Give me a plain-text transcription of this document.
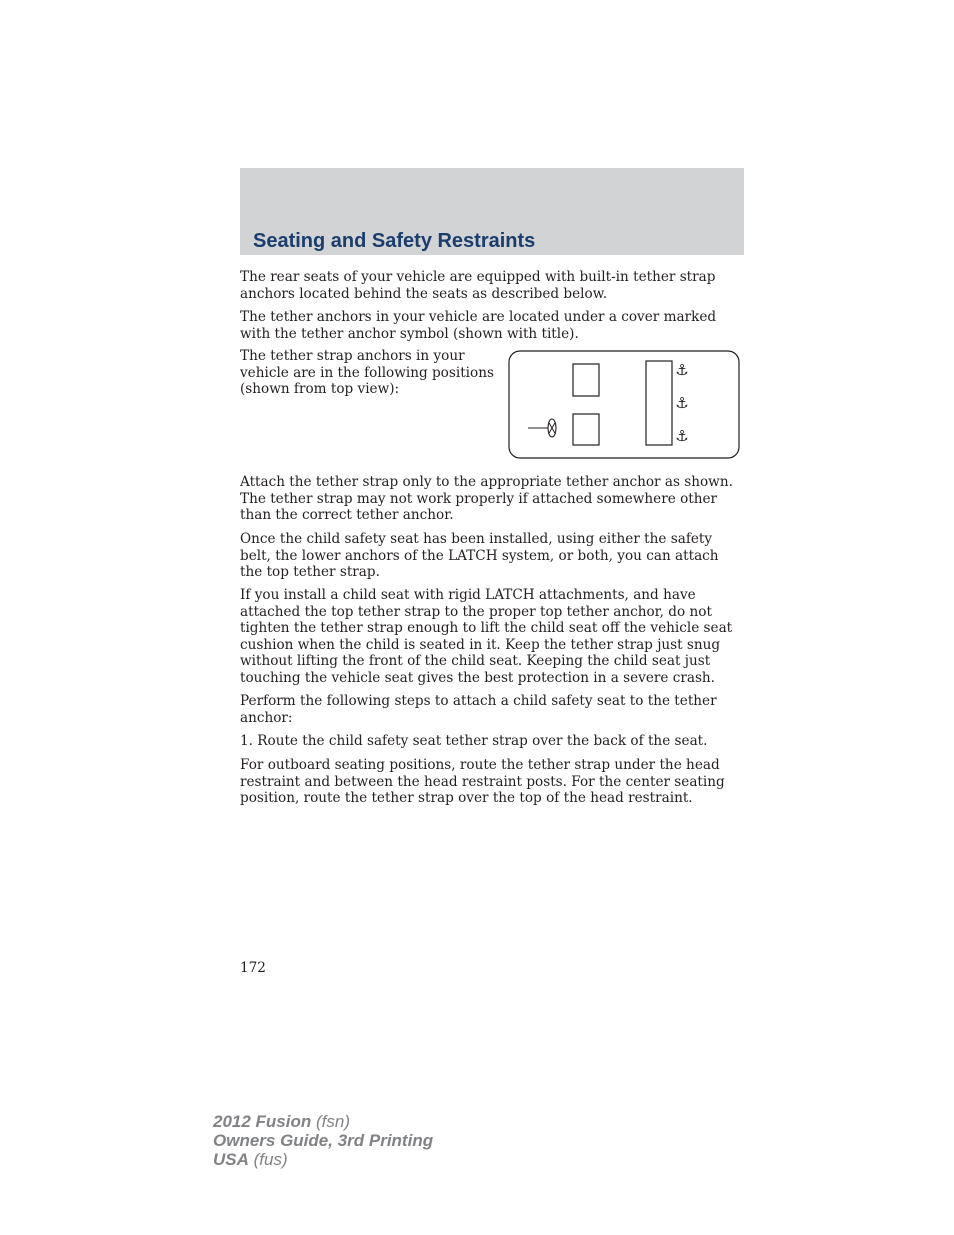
Seating and Safety Restraints

The rear seats of your vehicle are equipped with built-in tether strap anchors located behind the seats as described below.

The tether anchors in your vehicle are located under a cover marked with the tether anchor symbol (shown with title).

The tether strap anchors in your vehicle are in the following positions (shown from top view):

⚓
⚓
⚓

Attach the tether strap only to the appropriate tether anchor as shown. The tether strap may not work properly if attached somewhere other than the correct tether anchor.

Once the child safety seat has been installed, using either the safety belt, the lower anchors of the LATCH system, or both, you can attach the top tether strap.

If you install a child seat with rigid LATCH attachments, and have attached the top tether strap to the proper top tether anchor, do not tighten the tether strap enough to lift the child seat off the vehicle seat cushion when the child is seated in it. Keep the tether strap just snug without lifting the front of the child seat. Keeping the child seat just touching the vehicle seat gives the best protection in a severe crash.

Perform the following steps to attach a child safety seat to the tether anchor:

1. Route the child safety seat tether strap over the back of the seat.

For outboard seating positions, route the tether strap under the head restraint and between the head restraint posts. For the center seating position, route the tether strap over the top of the head restraint.

172
2012 Fusion (fsn)
Owners Guide, 3rd Printing
USA (fus)
